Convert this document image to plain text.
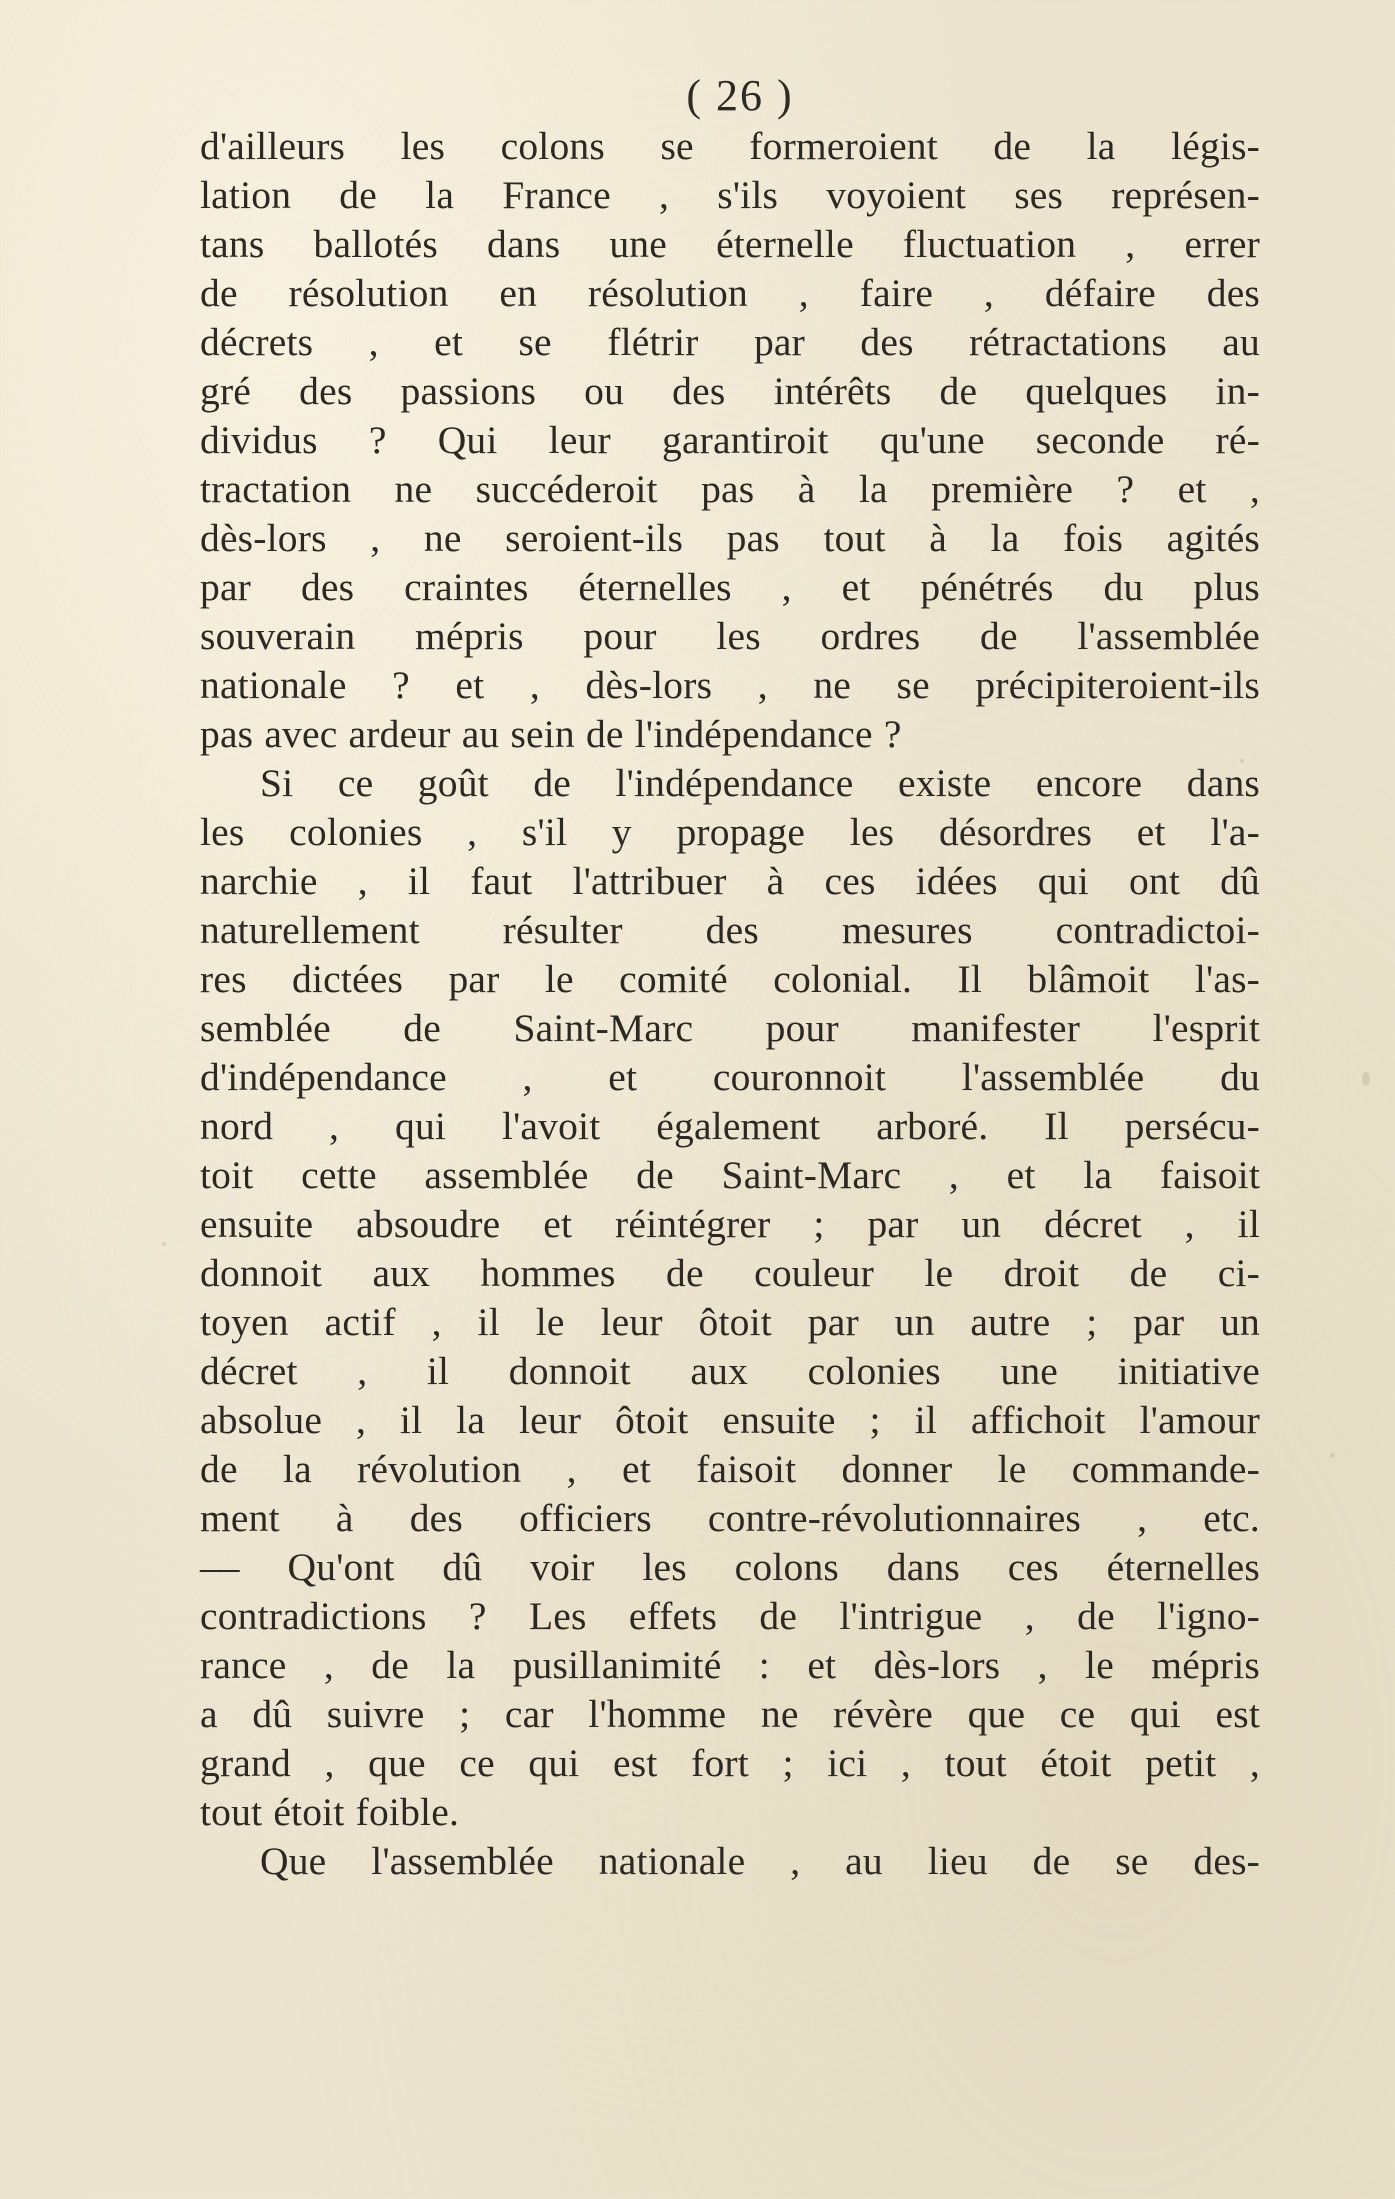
( 26 )
d'ailleurs les colons se formeroient de la légis-
lation de la France , s'ils voyoient ses représen-
tans ballotés dans une éternelle fluctuation , errer
de résolution en résolution , faire , défaire des
décrets , et se flétrir par des rétractations au
gré des passions ou des intérêts de quelques in-
dividus ? Qui leur garantiroit qu'une seconde ré-
tractation ne succéderoit pas à la première ? et ,
dès-lors , ne seroient-ils pas tout à la fois agités
par des craintes éternelles , et pénétrés du plus
souverain mépris pour les ordres de l'assemblée
nationale ? et , dès-lors , ne se précipiteroient-ils
pas avec ardeur au sein de l'indépendance ?
Si ce goût de l'indépendance existe encore dans
les colonies , s'il y propage les désordres et l'a-
narchie , il faut l'attribuer à ces idées qui ont dû
naturellement résulter des mesures contradictoi-
res dictées par le comité colonial. Il blâmoit l'as-
semblée de Saint-Marc pour manifester l'esprit
d'indépendance , et couronnoit l'assemblée du
nord , qui l'avoit également arboré. Il persécu-
toit cette assemblée de Saint-Marc , et la faisoit
ensuite absoudre et réintégrer ; par un décret , il
donnoit aux hommes de couleur le droit de ci-
toyen actif , il le leur ôtoit par un autre ; par un
décret , il donnoit aux colonies une initiative
absolue , il la leur ôtoit ensuite ; il affichoit l'amour
de la révolution , et faisoit donner le commande-
ment à des officiers contre-révolutionnaires , etc.
— Qu'ont dû voir les colons dans ces éternelles
contradictions ? Les effets de l'intrigue , de l'igno-
rance , de la pusillanimité : et dès-lors , le mépris
a dû suivre ; car l'homme ne révère que ce qui est
grand , que ce qui est fort ; ici , tout étoit petit ,
tout étoit foible.
Que l'assemblée nationale , au lieu de se des-
